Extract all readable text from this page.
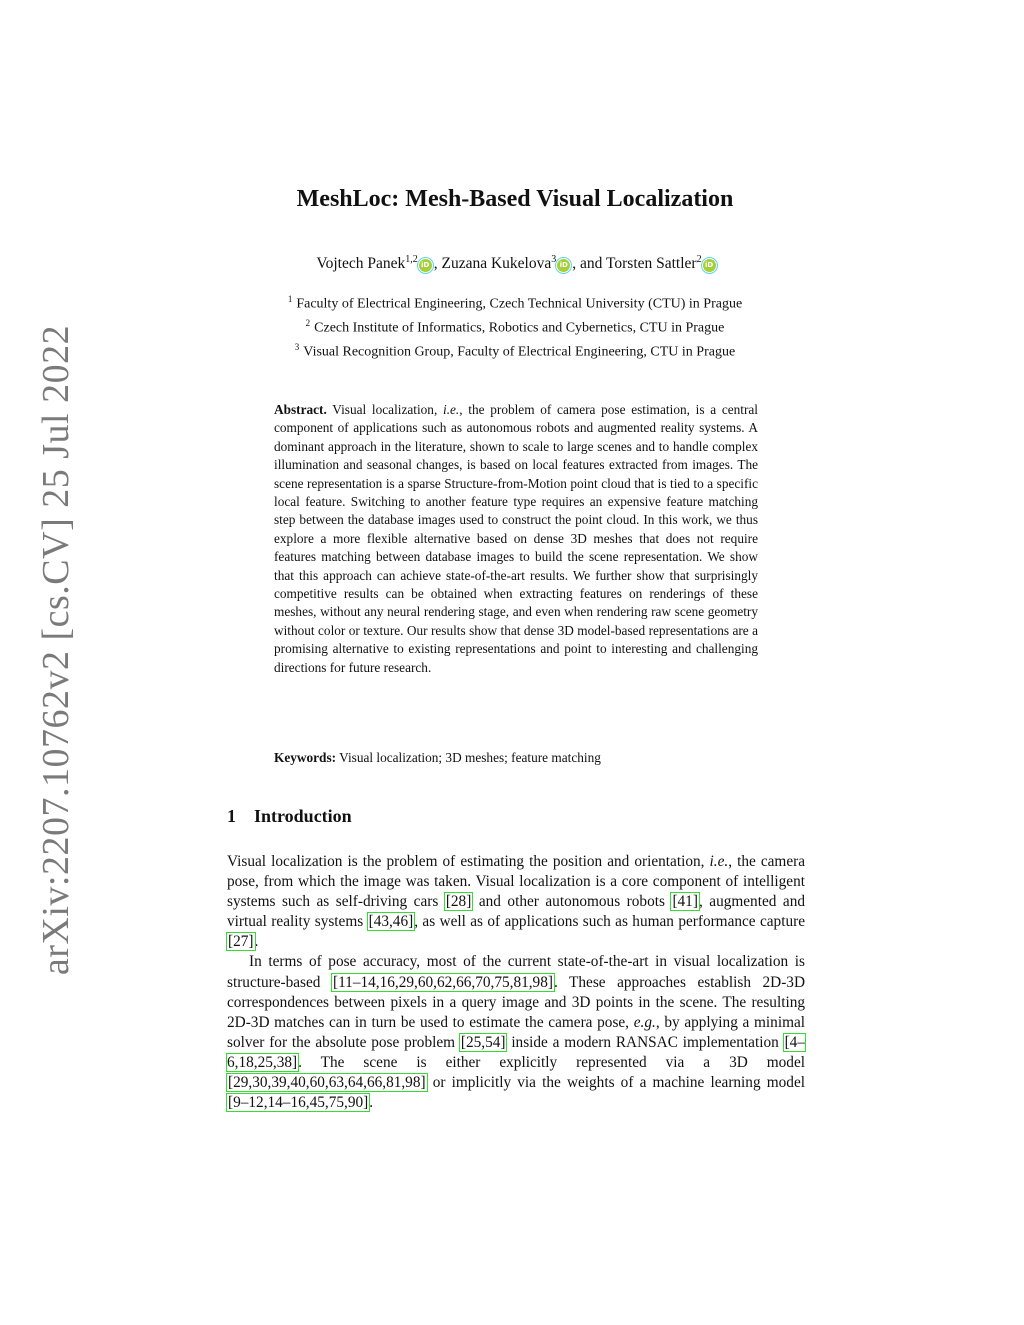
arXiv:2207.10762v2 [cs.CV] 25 Jul 2022
MeshLoc: Mesh-Based Visual Localization
Vojtech Panek$^{1,2}$iD , Zuzana Kukelova$^3$iD , and Torsten Sattler$^2$iD
$^1$ Faculty of Electrical Engineering, Czech Technical University (CTU) in Prague
$^2$ Czech Institute of Informatics, Robotics and Cybernetics, CTU in Prague
$^3$ Visual Recognition Group, Faculty of Electrical Engineering, CTU in Prague
Abstract. Visual localization, i.e., the problem of camera pose estimation, is a central component of applications such as autonomous robots and augmented reality systems. A dominant approach in the literature, shown to scale to large scenes and to handle complex illumination and seasonal changes, is based on local features extracted from images. The scene representation is a sparse Structure-from-Motion point cloud that is tied to a specific local feature. Switching to another feature type requires an expensive feature matching step between the database images used to construct the point cloud. In this work, we thus explore a more flexible alternative based on dense 3D meshes that does not require features matching between database images to build the scene representation. We show that this approach can achieve state-of-the-art results. We further show that surprisingly competitive results can be obtained when extracting features on renderings of these meshes, without any neural rendering stage, and even when rendering raw scene geometry without color or texture. Our results show that dense 3D model-based representations are a promising alternative to existing representations and point to interesting and challenging directions for future research.
Keywords: Visual localization; 3D meshes; feature matching
1 Introduction

Visual localization is the problem of estimating the position and orientation, i.e., the camera pose, from which the image was taken. Visual localization is a core component of intelligent systems such as self-driving cars [28] and other autonomous robots [41], augmented and virtual reality systems [43,46], as well as of applications such as human performance capture [27].

In terms of pose accuracy, most of the current state-of-the-art in visual localization is structure-based [11–14,16,29,60,62,66,70,75,81,98]. These approaches establish 2D-3D correspondences between pixels in a query image and 3D points in the scene. The resulting 2D-3D matches can in turn be used to estimate the camera pose, e.g., by applying a minimal solver for the absolute pose problem [25,54] inside a modern RANSAC implementation [4–6,18,25,38]. The scene is either explicitly represented via a 3D model [29,30,39,40,60,63,64,66,81,98] or implicitly via the weights of a machine learning model [9–12,14–16,45,75,90].
